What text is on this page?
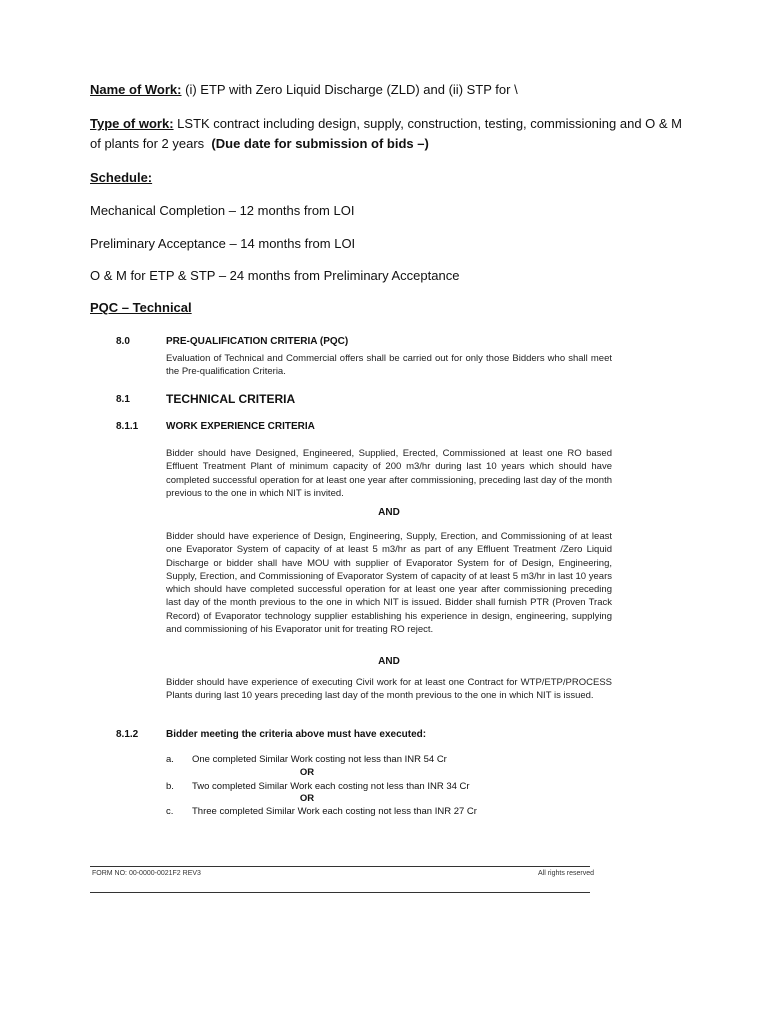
Name of Work: (i) ETP with Zero Liquid Discharge (ZLD) and (ii) STP for \
Type of work: LSTK contract including design, supply, construction, testing, commissioning and O & M of plants for 2 years (Due date for submission of bids –)
Schedule:
Mechanical Completion – 12 months from LOI
Preliminary Acceptance – 14 months from LOI
O & M for ETP & STP – 24 months from Preliminary Acceptance
PQC – Technical
8.0	PRE-QUALIFICATION CRITERIA (PQC)
Evaluation of Technical and Commercial offers shall be carried out for only those Bidders who shall meet the Pre-qualification Criteria.
8.1	TECHNICAL CRITERIA
8.1.1	WORK EXPERIENCE CRITERIA
Bidder should have Designed, Engineered, Supplied, Erected, Commissioned at least one RO based Effluent Treatment Plant of minimum capacity of 200 m3/hr during last 10 years which should have completed successful operation for at least one year after commissioning, preceding last day of the month previous to the one in which NIT is invited.
AND
Bidder should have experience of Design, Engineering, Supply, Erection, and Commissioning of at least one Evaporator System of capacity of at least 5 m3/hr as part of any Effluent Treatment /Zero Liquid Discharge or bidder shall have MOU with supplier of Evaporator System for of Design, Engineering, Supply, Erection, and Commissioning of Evaporator System of capacity of at least 5 m3/hr in last 10 years which should have completed successful operation for at least one year after commissioning preceding last day of the month previous to the one in which NIT is issued. Bidder shall furnish PTR (Proven Track Record) of Evaporator technology supplier establishing his experience in design, engineering, supplying and commissioning of his Evaporator unit for treating RO reject.
AND
Bidder should have experience of executing Civil work for at least one Contract for WTP/ETP/PROCESS Plants during last 10 years preceding last day of the month previous to the one in which NIT is issued.
8.1.2	Bidder meeting the criteria above must have executed:
a. One completed Similar Work costing not less than INR 54 Cr
OR
b. Two completed Similar Work each costing not less than INR 34 Cr
OR
c. Three completed Similar Work each costing not less than INR 27 Cr
FORM NO: 00-0000-0021F2 REV3	All rights reserved
